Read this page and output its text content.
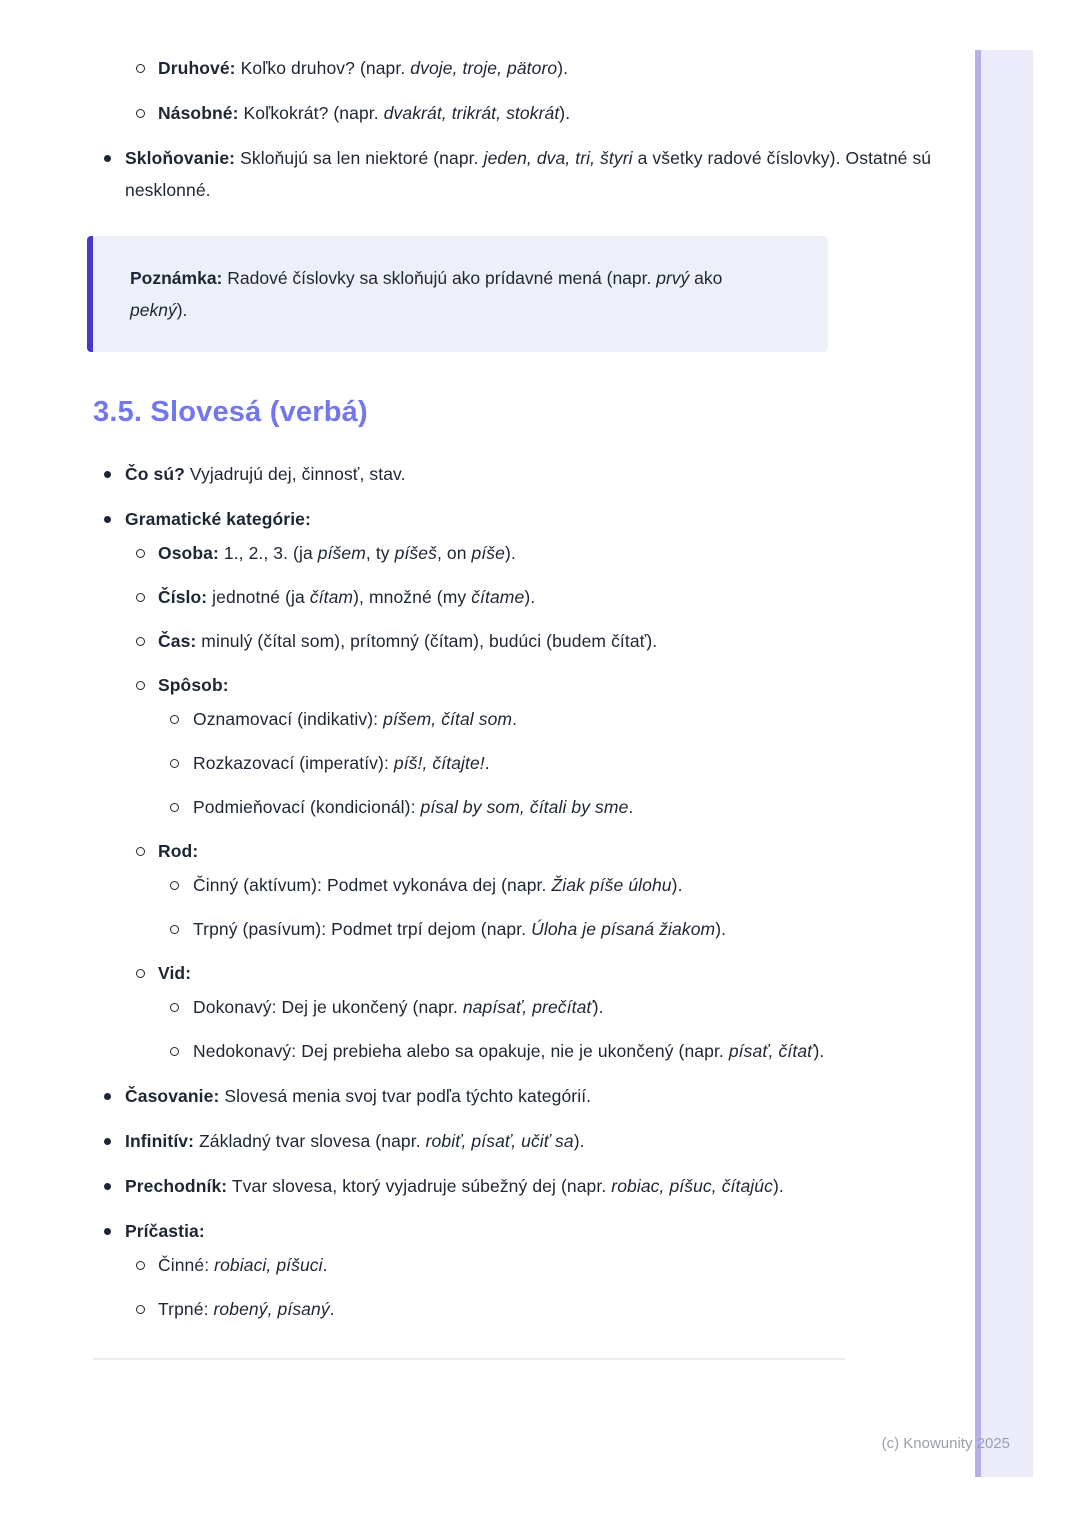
Druhové: Koľko druhov? (napr. dvoje, troje, pätoro).
Násobné: Koľkokrát? (napr. dvakrát, trikrát, stokrát).
Skloňovanie: Skloňujú sa len niektoré (napr. jeden, dva, tri, štyri a všetky radové číslovky). Ostatné sú nesklonné.
Poznámka: Radové číslovky sa skloňujú ako prídavné mená (napr. prvý ako pekný).
3.5. Slovesá (verbá)
Čo sú? Vyjadrujú dej, činnosť, stav.
Gramatické kategórie:
Osoba: 1., 2., 3. (ja píšem, ty píšeš, on píše).
Číslo: jednotné (ja čítam), množné (my čítame).
Čas: minulý (čítal som), prítomný (čítam), budúci (budem čítať).
Spôsob:
Oznamovací (indikativ): píšem, čítal som.
Rozkazovací (imperatív): píš!, čítajte!.
Podmieňovací (kondicionál): písal by som, čítali by sme.
Rod:
Činný (aktívum): Podmet vykonáva dej (napr. Žiak píše úlohu).
Trpný (pasívum): Podmet trpí dejom (napr. Úloha je písaná žiakom).
Vid:
Dokonavý: Dej je ukončený (napr. napísať, prečítať).
Nedokonavý: Dej prebieha alebo sa opakuje, nie je ukončený (napr. písať, čítať).
Časovanie: Slovesá menia svoj tvar podľa týchto kategórií.
Infinitív: Základný tvar slovesa (napr. robiť, písať, učiť sa).
Prechodník: Tvar slovesa, ktorý vyjadruje súbežný dej (napr. robiac, píšuc, čítajúc).
Príčastia:
Činné: robiaci, píšuci.
Trpné: robený, písaný.
(c) Knowunity 2025
